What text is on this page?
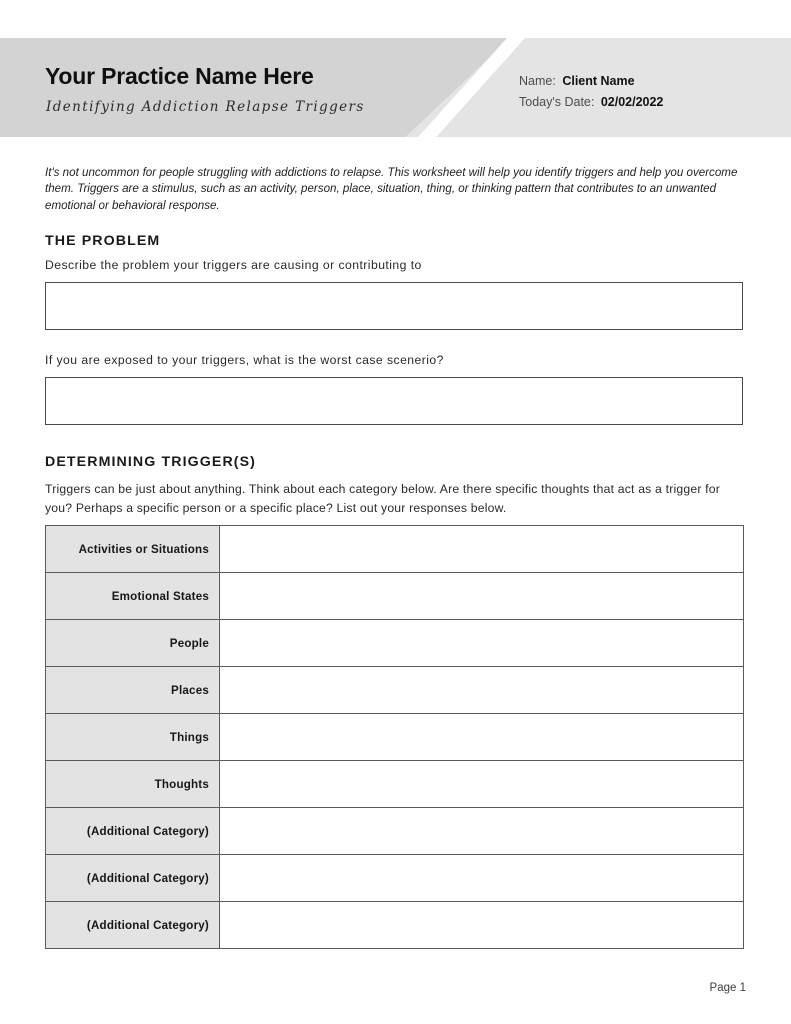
Your Practice Name Here
Identifying Addiction Relapse Triggers
Name: Client Name
Today's Date: 02/02/2022

It's not uncommon for people struggling with addictions to relapse. This worksheet will help you identify triggers and help you overcome them. Triggers are a stimulus, such as an activity, person, place, situation, thing, or thinking pattern that contributes to an unwanted emotional or behavioral response.

THE PROBLEM
Describe the problem your triggers are causing or contributing to
If you are exposed to your triggers, what is the worst case scenerio?
DETERMINING TRIGGER(S)

Triggers can be just about anything. Think about each category below. Are there specific thoughts that act as a trigger for you? Perhaps a specific person or a specific place? List out your responses below.

Activities or Situations	
Emotional States	
People	
Places	
Things	
Thoughts	
(Additional Category)	
(Additional Category)	
(Additional Category)	
Page 1
